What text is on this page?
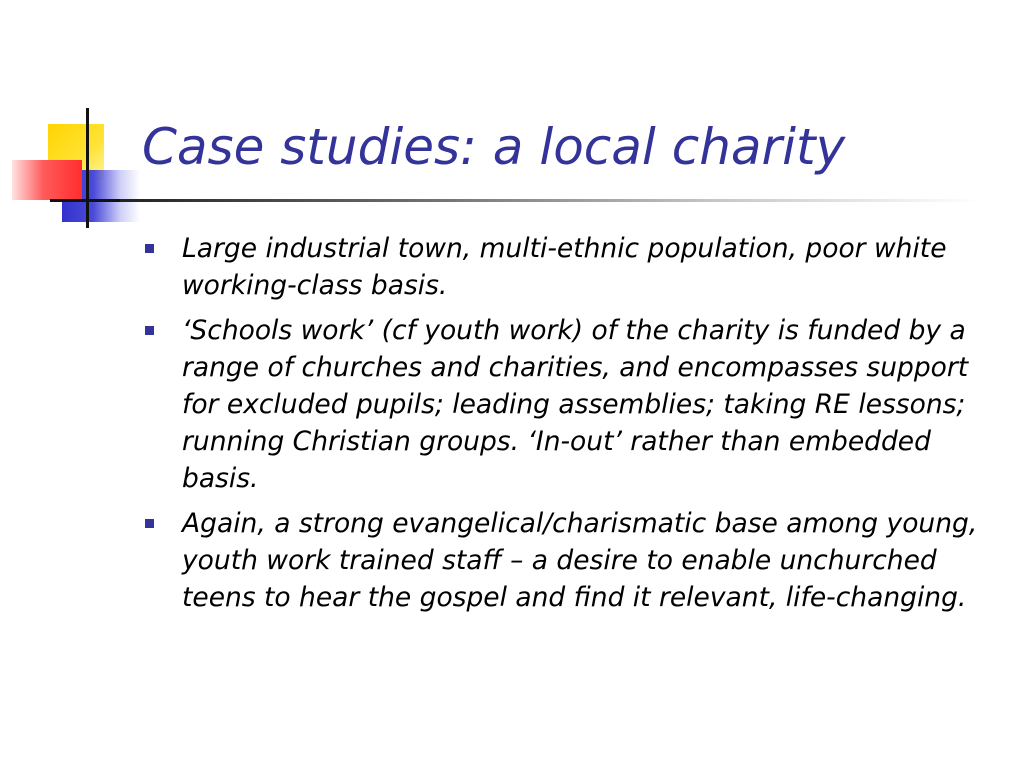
Case studies: a local charity
Large industrial town, multi-ethnic population, poor white working-class basis.
‘Schools work’ (cf youth work) of the charity is funded by a range of churches and charities, and encompasses support for excluded pupils; leading assemblies; taking RE lessons; running Christian groups. ‘In-out’ rather than embedded basis.
Again, a strong evangelical/charismatic base among young, youth work trained staff – a desire to enable unchurched teens to hear the gospel and find it relevant, life-changing.
